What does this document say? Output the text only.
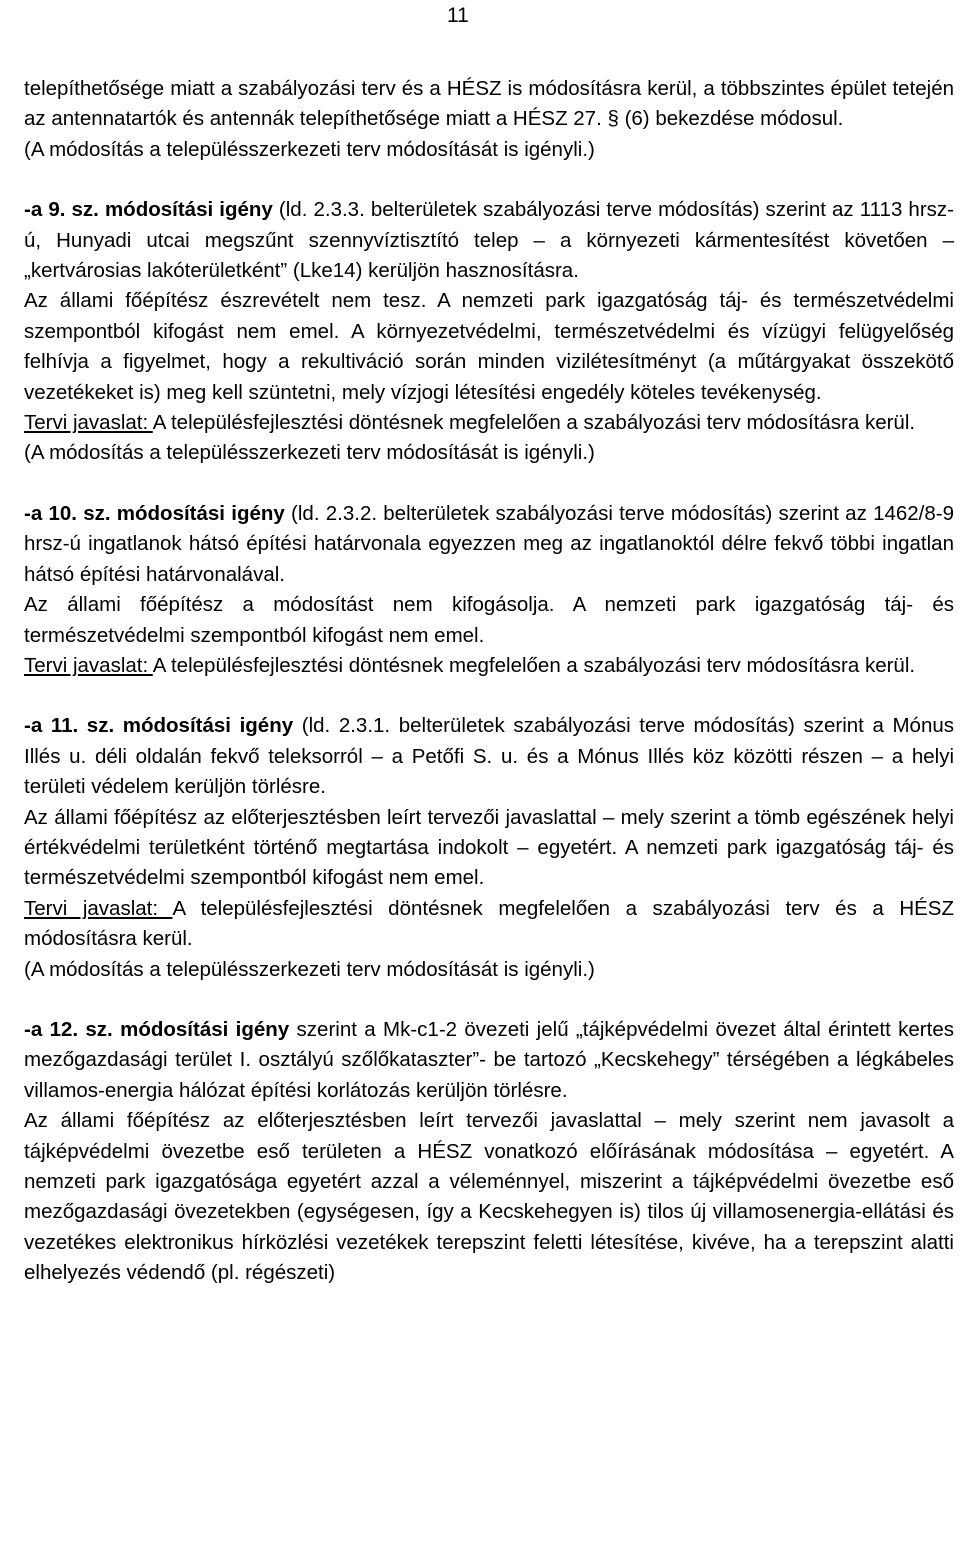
11

telepíthetősége miatt a szabályozási terv és a HÉSZ is módosításra kerül, a többszintes épület tetején az antennatartók és antennák telepíthetősége miatt a HÉSZ 27. § (6) bekezdése módosul.

(A módosítás a településszerkezeti terv módosítását is igényli.)

-a 9. sz. módosítási igény (ld. 2.3.3. belterületek szabályozási terve módosítás) szerint az 1113 hrsz-ú, Hunyadi utcai megszűnt szennyvíztisztító telep – a környezeti kármentesítést követően – „kertvárosias lakóterületként” (Lke14) kerüljön hasznosításra.

Az állami főépítész észrevételt nem tesz. A nemzeti park igazgatóság táj- és természetvédelmi szempontból kifogást nem emel. A környezetvédelmi, természetvédelmi és vízügyi felügyelőség felhívja a figyelmet, hogy a rekultiváció során minden vizilétesítményt (a műtárgyakat összekötő vezetékeket is) meg kell szüntetni, mely vízjogi létesítési engedély köteles tevékenység.

Tervi javaslat: A településfejlesztési döntésnek megfelelően a szabályozási terv módosításra kerül.

(A módosítás a településszerkezeti terv módosítását is igényli.)

-a 10. sz. módosítási igény (ld. 2.3.2. belterületek szabályozási terve módosítás) szerint az 1462/8-9 hrsz-ú ingatlanok hátsó építési határvonala egyezzen meg az ingatlanoktól délre fekvő többi ingatlan hátsó építési határvonalával.

Az állami főépítész a módosítást nem kifogásolja. A nemzeti park igazgatóság táj- és természetvédelmi szempontból kifogást nem emel.

Tervi javaslat: A településfejlesztési döntésnek megfelelően a szabályozási terv módosításra kerül.

-a 11. sz. módosítási igény (ld. 2.3.1. belterületek szabályozási terve módosítás) szerint a Mónus Illés u. déli oldalán fekvő teleksorról – a Petőfi S. u. és a Mónus Illés köz közötti részen – a helyi területi védelem kerüljön törlésre.

Az állami főépítész az előterjesztésben leírt tervezői javaslattal – mely szerint a tömb egészének helyi értékvédelmi területként történő megtartása indokolt – egyetért. A nemzeti park igazgatóság táj- és természetvédelmi szempontból kifogást nem emel.

Tervi javaslat: A településfejlesztési döntésnek megfelelően a szabályozási terv és a HÉSZ módosításra kerül.

(A módosítás a településszerkezeti terv módosítását is igényli.)

-a 12. sz. módosítási igény szerint a Mk-c1-2 övezeti jelű „tájképvédelmi övezet által érintett kertes mezőgazdasági terület I. osztályú szőlőkataszter”- be tartozó „Kecskehegy” térségében a légkábeles villamos-energia hálózat építési korlátozás kerüljön törlésre.

Az állami főépítész az előterjesztésben leírt tervezői javaslattal – mely szerint nem javasolt a tájképvédelmi övezetbe eső területen a HÉSZ vonatkozó előírásának módosítása – egyetért. A nemzeti park igazgatósága egyetért azzal a véleménnyel, miszerint a tájképvédelmi övezetbe eső mezőgazdasági övezetekben (egységesen, így a Kecskehegyen is) tilos új villamosenergia-ellátási és vezetékes elektronikus hírközlési vezetékek terepszint feletti létesítése, kivéve, ha a terepszint alatti elhelyezés védendő (pl. régészeti)
